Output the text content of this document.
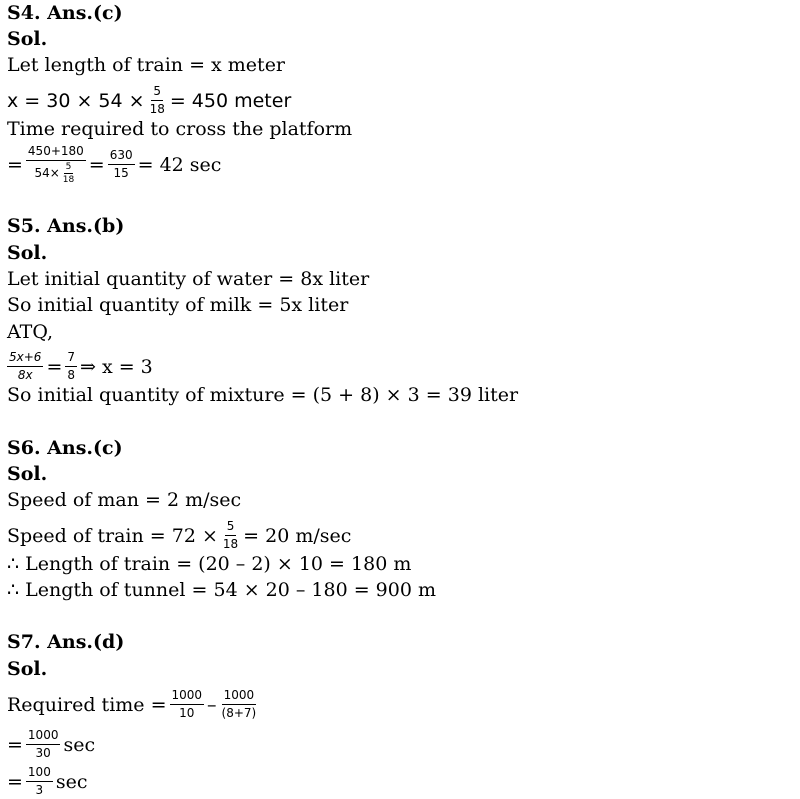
S4. Ans.(c)
Sol.
Let length of train = x meter
$x = 30 \times 54 \times \frac{5}{18} = 450$ meter
Time required to cross the platform
= $\frac{450+180}{54\times \frac{5}{18}} = \frac{630}{15} = 42$ sec
S5. Ans.(b)
Sol.
Let initial quantity of water = 8x liter
So initial quantity of milk = 5x liter
ATQ,
$\frac{5x+6}{8x} = \frac{7}{8}$ ⇒ x = 3
So initial quantity of mixture = (5 + 8) × 3 = 39 liter
S6. Ans.(c)
Sol.
Speed of man = 2 m/sec
Speed of train = $72 \times \frac{5}{18} = 20$ m/sec
∴ Length of train = (20 – 2) × 10 = 180 m
∴ Length of tunnel = 54 × 20 – 180 = 900 m
S7. Ans.(d)
Sol.
Required time = $\frac{1000}{10} - \frac{1000}{(8+7)}$
= $\frac{1000}{30}$ sec
= $\frac{100}{3}$ sec
